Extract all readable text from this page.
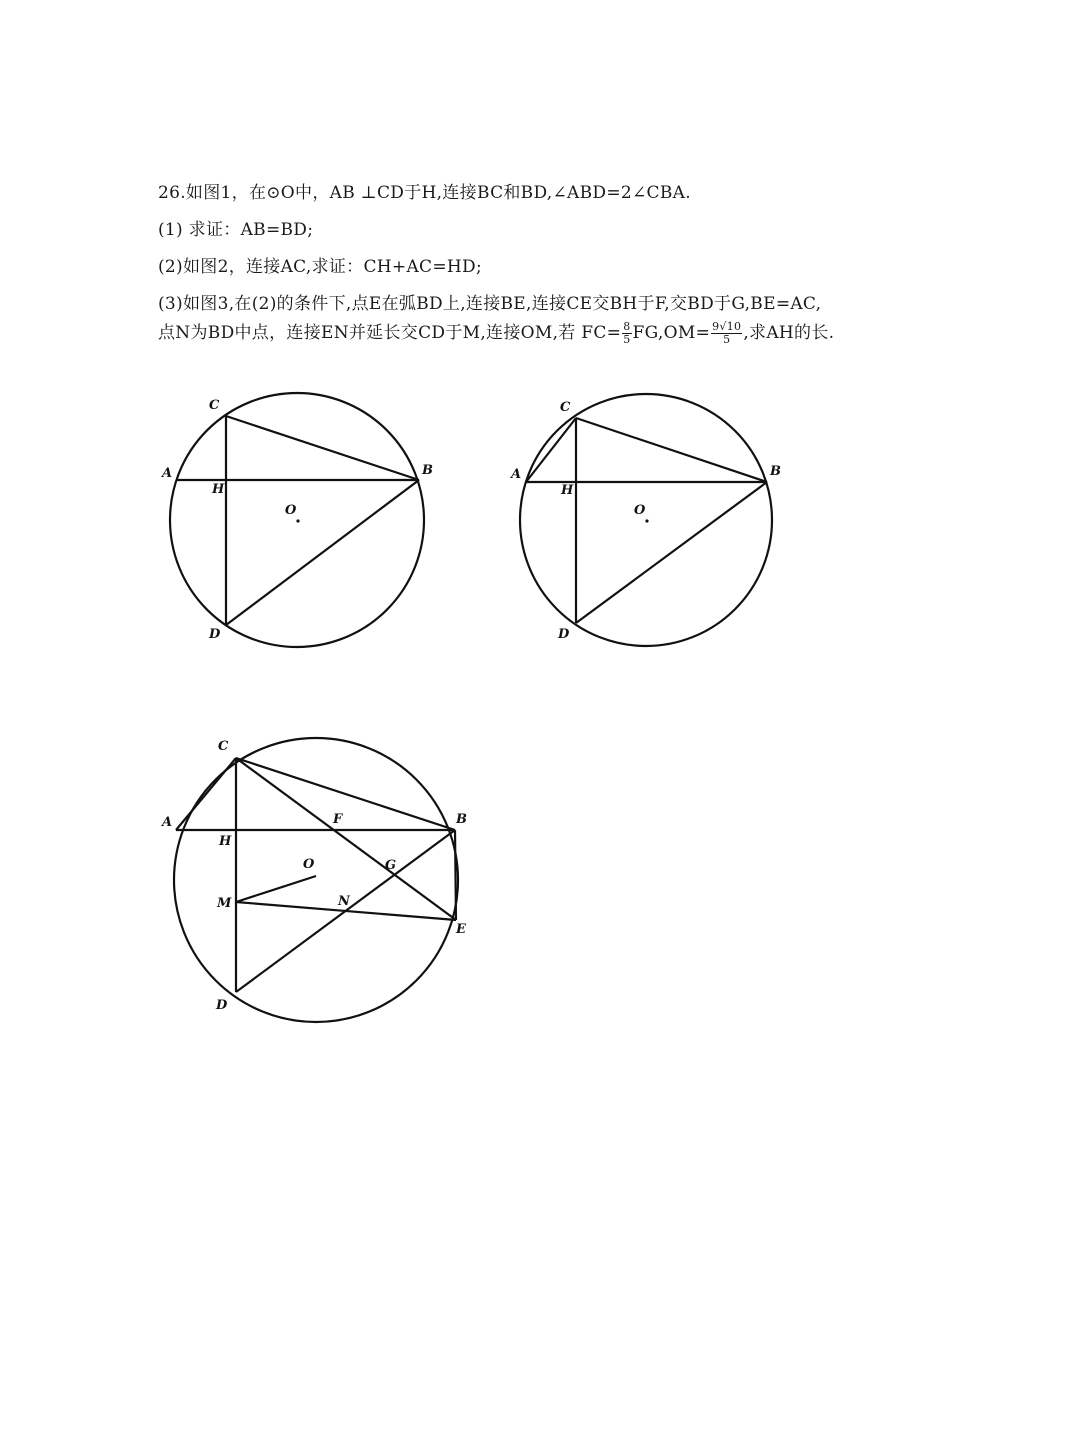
26.如图1，在⊙O中，AB ⊥CD于H,连接BC和BD,∠ABD=2∠CBA.
(1) 求证：AB=BD;
(2)如图2，连接AC,求证：CH+AC=HD;
(3)如图3,在(2)的条件下,点E在弧BD上,连接BE,连接CE交BH于F,交BD于G,BE=AC,
点N为BD中点，连接EN并延长交CD于M,连接OM,若 $FC= \frac{8}{5} FG,OM= \frac{9√10}{5}$ ,求AH的长.
C
A	B
H
O
D
C
A	B
H
O
D
C
A	B
F
H
O	G
M	N
E
D
